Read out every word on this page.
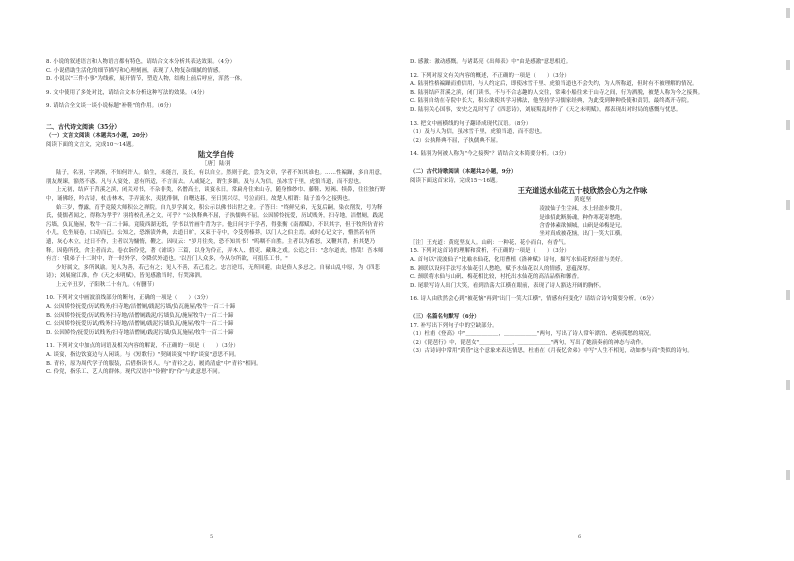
8. 小说的叙述语言和人物语言都有特色，请结合文本分析其表达效果。（4分）

C. 小说借助生活化的细节描写和心理刻画，表现了人物复杂细腻的情感。

D. 小说以"三件小事"为线索，展开情节，塑造人物，结构上前后呼应，浑然一体。

9. 文中使用了多处对比，请结合文本分析这种写法的效果。（4分）

9. 请结合全文谈一谈小说标题"补鞋"的作用。（6分）

二、古代诗文阅读（35分）

（一）文言文阅读（本题共5小题，20分）

阅读下面的文言文，完成10～14题。

陆文学自传

［唐］陆羽

陆子，名羽，字鸿渐，不知何许人。始生，未能言，及长，有以自立。然则于此，尝为文章，学者不知其谁也。……性褊躁，多自用意，朋友规谏，豁然不惑。凡与人宴处，意有所适，不言而去。人或疑之，谓生多瞋。及与人为信，虽冰雪千里，虎狼当道，而不愆也。

上元初，结庐于苕溪之滨，闭关对书，不杂非类，名僧高士，谈宴永日。常扁舟往来山寺，随身惟纱巾、藤鞋、短褐、犊鼻，往往独行野中，诵佛经，吟古诗，杖击林木，手弄流水，夷犹徘徊，自曙达暮，至日黑兴尽，号泣而归。故楚人相谓：陆子盖今之接舆也。

始三岁，惸露，育乎竟陵大师积公之禅院。自九岁学属文，积公示以佛书出世之业。子答曰："终鲜兄弟，无复后嗣，染衣削发，号为释氏，使儒者闻之，得称为孝乎？羽将校孔圣之文，可乎？"公执释典不屈，子执儒典不屈。公因矫怜抚爱，历试贱务，扫寺地，洁僧厕，践泥污墙，负瓦施屋，牧牛一百二十蹄。竟陵西湖无纸，学书以竹画牛背为字。他日问字于学者，得张衡《南都赋》，不识其字，但于牧所仿青衿小儿，危坐展卷，口动而已。公知之，恐渐渍外典，去道日旷，又束于寺中，令芟剪榛莽，以门人之伯主焉。或时心记文字，懵然若有所遗，灰心木立，过日不作，主者以为慵惰，鞭之。因叹云："岁月往矣，恐不知其书！"呜咽不自胜。主者以为蓄怒，又鞭其背，折其楚乃释。因倦所役，舍主者而去。卷衣诣伶党，著《谑谈》三篇，以身为伶正，弄木人、假吏、藏珠之戏。公追之曰："念尔道丧，惜哉！吾本师有言：'我弟子十二时中，许一时外学，令降伏外道也。'以吾门人众多，今从尔所欲，可捐乐工书。"

少好属文，多所讽谕。见人为善，若己有之；见人不善，若己羞之。忠言逆耳，无所回避，由是俗人多忌之。自禄山乱中原，为《四悲诗》；刘展窥江淮，作《天之未明赋》，皆见感激当时，行哭涕泗。

上元辛丑岁，子阳秋二十有九。（有删节）

10. 下列对文中画波浪线部分的断句，正确的一项是（　　）（3分）

A. 公因矫怜抚爱/历试贱务/扫寺地/洁僧厕/践泥污墙/负瓦施屋/牧牛一百二十蹄

B. 公因矫怜抚爱/历试贱务扫寺地/洁僧厕践泥/污墙负瓦/施屋牧牛/一百二十蹄

C. 公因矫怜抚爱历试/贱务扫寺地/洁僧厕/践泥污墙负瓦/施屋/牧牛一百二十蹄

D. 公因矫怜/抚爱历试贱务/扫寺地洁僧厕/践泥污墙/负瓦施屋/牧牛一百二十蹄

11. 下列对文中加点的词语及相关内容的解说，不正确的一项是（　　）（3分）

A. 谈宴，指边饮宴边与人闲谈。与《短歌行》"契阔谈宴"中的"谈宴"意思不同。

B. 青衿，原为周代学子的服装，后借指读书人。与"青衿之志，履尚清虚"中"青衿"相同。

C. 伶党，指乐工、艺人的群体。现代汉语中"伶俐"的"伶"与此意思不同。

D. 感激：激动感慨。与诸葛亮《出师表》中"由是感激"意思相近。

12. 下列对原文有关内容的概述，不正确的一项是（　　）（3分）

A. 陆羽性格褊躁而重信用，与人约定后，即使冰雪千里、虎狼当道也不会失约，为人所称道，但时有不被理解的情况。

B. 陆羽结庐苕溪之滨，闭门读书，不与不合志趣的人交往，常乘小船往来于山寺之间，行为洒脱，被楚人称为今之接舆。

C. 陆羽自幼在寺院中长大，积公欲使其学习佛法，他坚持学习儒家经典，为此受到种种役使和责罚，最终离开寺院。

D. 陆羽关心国事，安史之乱时写了《四悲诗》，刘展叛乱时作了《天之未明赋》，都表现出对时局的感慨与忧思。

13. 把文中画横线的句子翻译成现代汉语。（8分）

（1）及与人为信，虽冰雪千里，虎狼当道，而不愆也。

（2）公执释典不屈，子执儒典不屈。

14. 陆羽为何被人称为"今之接舆"？请结合文本简要分析。（3分）

（二）古代诗歌阅读（本题共2小题，9分）

阅读下面这首宋诗，完成15～16题。

王充道送水仙花五十枝欣然会心为之作咏

黄庭坚

凌波仙子生尘袜，水上轻盈步微月。

是谁招此断肠魂，种作寒花寄愁绝。

含香体素欲倾城，山矾是弟梅是兄。

坐对真成被花恼，出门一笑大江横。

［注］王充道：黄庭坚友人。山矾：一种花，花小而白，有香气。

15. 下列对这首诗的理解和赏析，不正确的一项是（　　）（3分）

A. 首句以"凌波仙子"比喻水仙花，化用曹植《洛神赋》诗句，描写水仙花的轻盈与美好。

B. 颔联以设问手法写水仙花引人愁绝，赋予水仙花以人的情感，意蕴深厚。

C. 颈联将水仙与山矾、梅花相比较，衬托出水仙花的高洁品格和馨香。

D. 尾联写诗人出门大笑，看到浩荡大江横在眼前，表现了诗人豁达开阔的胸怀。

16. 诗人由欣然会心到"被花恼"再到"出门一笑大江横"，情感有何变化？请结合诗句简要分析。（6分）

（三）名篇名句默写（6分）

17. 补写出下列句子中的空缺部分。

（1）杜甫《登高》中"＿＿＿＿＿＿，＿＿＿＿＿＿"两句，写出了诗人常年漂泊、老病孤愁的境况。

（2）《琵琶行》中，琵琶女"＿＿＿＿＿＿，＿＿＿＿＿＿"两句，写出了她演奏前的神态与动作。

（3）古诗词中常用"黄昏"这个意象来表达情思，杜甫在《月夜忆舍弟》中写"人生不相见，动如参与商"类似的诗句。

5	6
